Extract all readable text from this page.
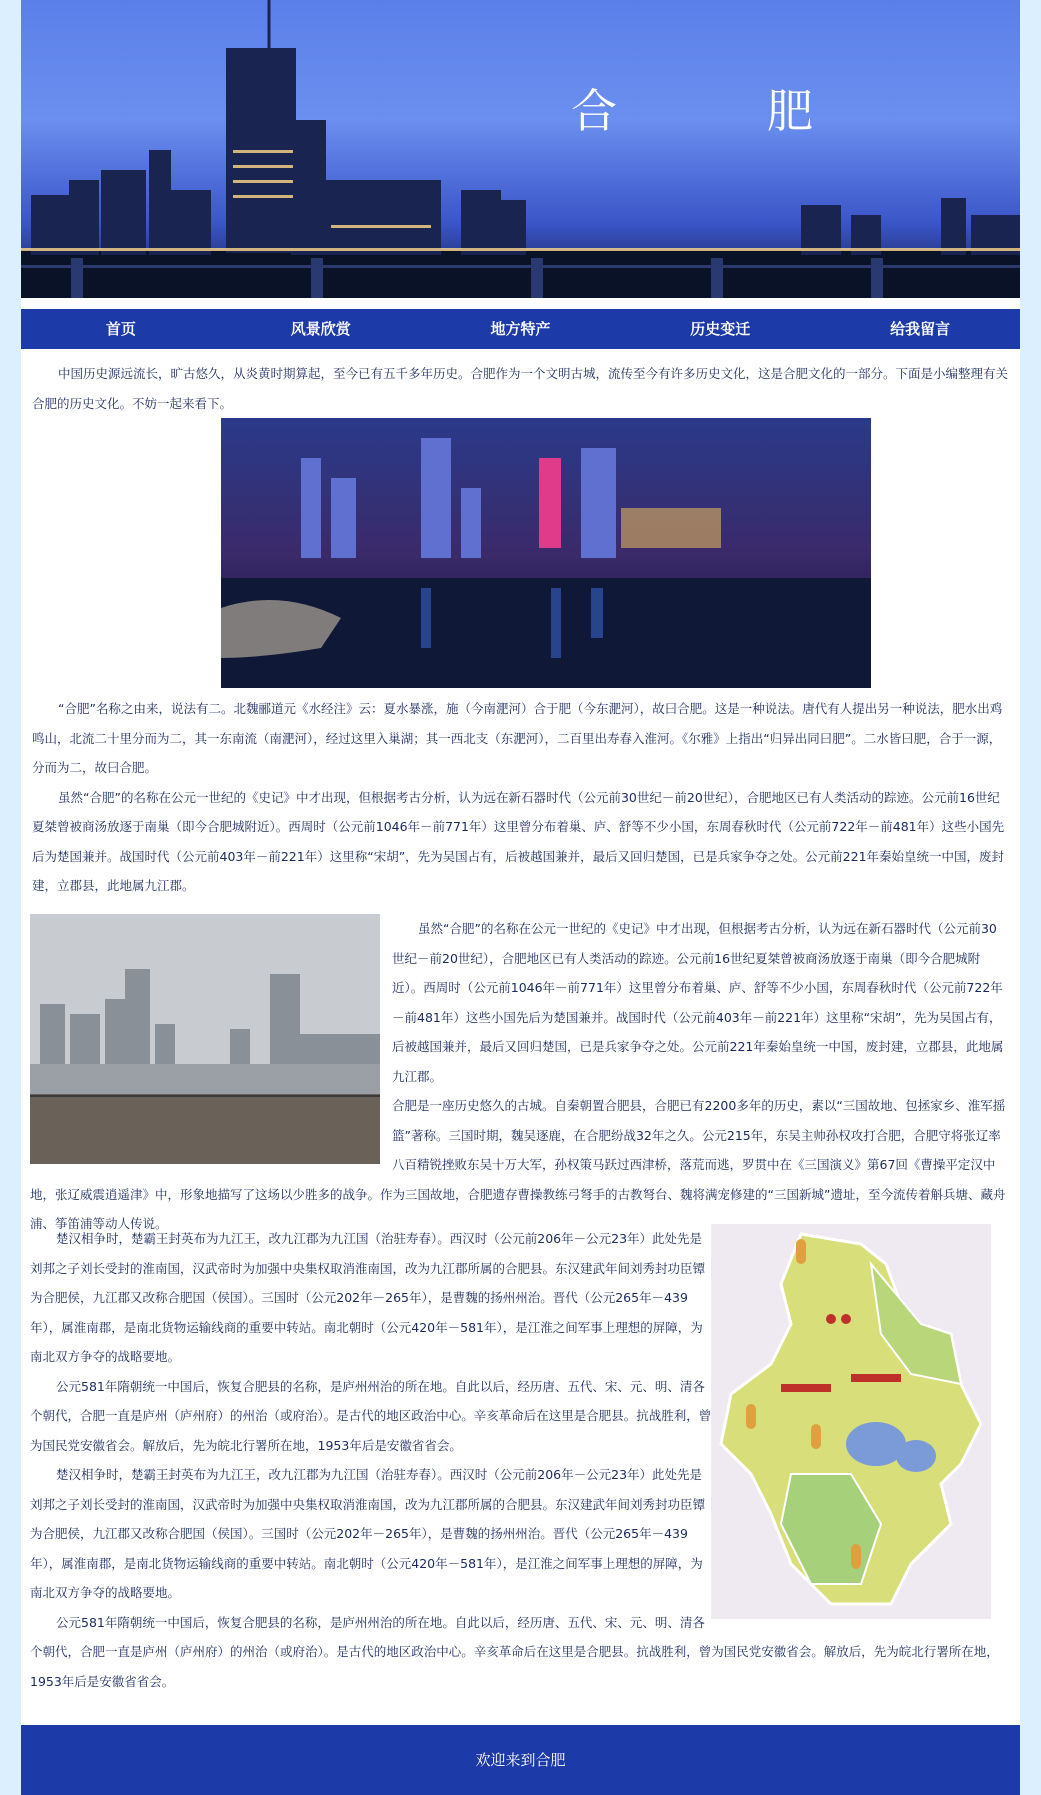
合　肥
首页	风景欣赏	地方特产	历史变迁	给我留言

中国历史源远流长，旷古悠久，从炎黄时期算起，至今已有五千多年历史。合肥作为一个文明古城，流传至今有许多历史文化，这是合肥文化的一部分。下面是小编整理有关合肥的历史文化。不妨一起来看下。

“合肥”名称之由来，说法有二。北魏郦道元《水经注》云：夏水暴涨，施（今南淝河）合于肥（今东淝河），故曰合肥。这是一种说法。唐代有人提出另一种说法，肥水出鸡鸣山，北流二十里分而为二，其一东南流（南淝河），经过这里入巢湖；其一西北支（东淝河），二百里出寿春入淮河。《尔雅》上指出“归异出同曰肥”。二水皆曰肥，合于一源，分而为二，故曰合肥。

虽然“合肥”的名称在公元一世纪的《史记》中才出现，但根据考古分析，认为远在新石器时代（公元前30世纪－前20世纪），合肥地区已有人类活动的踪迹。公元前16世纪夏桀曾被商汤放逐于南巢（即今合肥城附近）。西周时（公元前1046年－前771年）这里曾分布着巢、庐、舒等不少小国，东周春秋时代（公元前722年－前481年）这些小国先后为楚国兼并。战国时代（公元前403年－前221年）这里称“宋胡”，先为吴国占有，后被越国兼并，最后又回归楚国，已是兵家争夺之处。公元前221年秦始皇统一中国，废封建，立郡县，此地属九江郡。

虽然“合肥”的名称在公元一世纪的《史记》中才出现，但根据考古分析，认为远在新石器时代（公元前30世纪－前20世纪），合肥地区已有人类活动的踪迹。公元前16世纪夏桀曾被商汤放逐于南巢（即今合肥城附近）。西周时（公元前1046年－前771年）这里曾分布着巢、庐、舒等不少小国，东周春秋时代（公元前722年－前481年）这些小国先后为楚国兼并。战国时代（公元前403年－前221年）这里称“宋胡”，先为吴国占有，后被越国兼并，最后又回归楚国，已是兵家争夺之处。公元前221年秦始皇统一中国，废封建，立郡县，此地属九江郡。

合肥是一座历史悠久的古城。自秦朝置合肥县，合肥已有2200多年的历史，素以“三国故地、包拯家乡、淮军摇篮”著称。三国时期，魏吴逐鹿，在合肥纷战32年之久。公元215年，东吴主帅孙权攻打合肥，合肥守将张辽率八百精锐挫败东吴十万大军，孙权策马跃过西津桥，落荒而逃，罗贯中在《三国演义》第67回《曹操平定汉中地，张辽威震逍遥津》中，形象地描写了这场以少胜多的战争。作为三国故地，合肥遗存曹操教练弓弩手的古教弩台、魏将满宠修建的“三国新城”遗址，至今流传着斛兵塘、藏舟浦、筝笛浦等动人传说。

楚汉相争时，楚霸王封英布为九江王，改九江郡为九江国（治驻寿春）。西汉时（公元前206年－公元23年）此处先是刘邦之子刘长受封的淮南国，汉武帝时为加强中央集权取消淮南国，改为九江郡所属的合肥县。东汉建武年间刘秀封功臣镡为合肥侯，九江郡又改称合肥国（侯国）。三国时（公元202年－265年），是曹魏的扬州州治。晋代（公元265年－439年），属淮南郡，是南北货物运输线商的重要中转站。南北朝时（公元420年－581年），是江淮之间军事上理想的屏障，为南北双方争夺的战略要地。

公元581年隋朝统一中国后，恢复合肥县的名称，是庐州州治的所在地。自此以后，经历唐、五代、宋、元、明、清各个朝代，合肥一直是庐州（庐州府）的州治（或府治）。是古代的地区政治中心。辛亥革命后在这里是合肥县。抗战胜利，曾为国民党安徽省会。解放后，先为皖北行署所在地，1953年后是安徽省省会。

楚汉相争时，楚霸王封英布为九江王，改九江郡为九江国（治驻寿春）。西汉时（公元前206年－公元23年）此处先是刘邦之子刘长受封的淮南国，汉武帝时为加强中央集权取消淮南国，改为九江郡所属的合肥县。东汉建武年间刘秀封功臣镡为合肥侯，九江郡又改称合肥国（侯国）。三国时（公元202年－265年），是曹魏的扬州州治。晋代（公元265年－439年），属淮南郡，是南北货物运输线商的重要中转站。南北朝时（公元420年－581年），是江淮之间军事上理想的屏障，为南北双方争夺的战略要地。

公元581年隋朝统一中国后，恢复合肥县的名称，是庐州州治的所在地。自此以后，经历唐、五代、宋、元、明、清各个朝代，合肥一直是庐州（庐州府）的州治（或府治）。是古代的地区政治中心。辛亥革命后在这里是合肥县。抗战胜利，曾为国民党安徽省会。解放后，先为皖北行署所在地，1953年后是安徽省省会。

欢迎来到合肥
